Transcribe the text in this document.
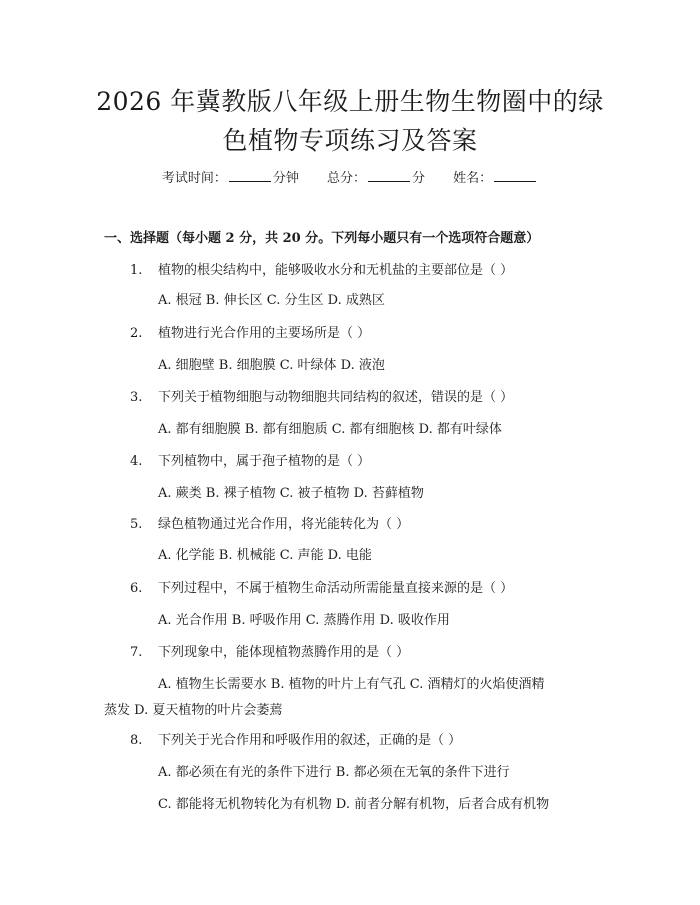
2026 年冀教版八年级上册生物生物圈中的绿
色植物专项练习及答案
考试时间：	分钟 总分：	分 姓名：
一、选择题（每小题 2 分，共 20 分。下列每小题只有一个选项符合题意）
1. 植物的根尖结构中，能够吸收水分和无机盐的主要部位是（ ）
A. 根冠 B. 伸长区 C. 分生区 D. 成熟区
2. 植物进行光合作用的主要场所是（ ）
A. 细胞壁 B. 细胞膜 C. 叶绿体 D. 液泡
3. 下列关于植物细胞与动物细胞共同结构的叙述，错误的是（ ）
A. 都有细胞膜 B. 都有细胞质 C. 都有细胞核 D. 都有叶绿体
4. 下列植物中，属于孢子植物的是（ ）
A. 蕨类 B. 裸子植物 C. 被子植物 D. 苔藓植物
5. 绿色植物通过光合作用，将光能转化为（ ）
A. 化学能 B. 机械能 C. 声能 D. 电能
6. 下列过程中，不属于植物生命活动所需能量直接来源的是（ ）
A. 光合作用 B. 呼吸作用 C. 蒸腾作用 D. 吸收作用
7. 下列现象中，能体现植物蒸腾作用的是（ ）
A. 植物生长需要水 B. 植物的叶片上有气孔 C. 酒精灯的火焰使酒精蒸发 D. 夏天植物的叶片会萎蔫
8. 下列关于光合作用和呼吸作用的叙述，正确的是（ ）
A. 都必须在有光的条件下进行 B. 都必须在无氧的条件下进行
C. 都能将无机物转化为有机物 D. 前者分解有机物，后者合成有机物
